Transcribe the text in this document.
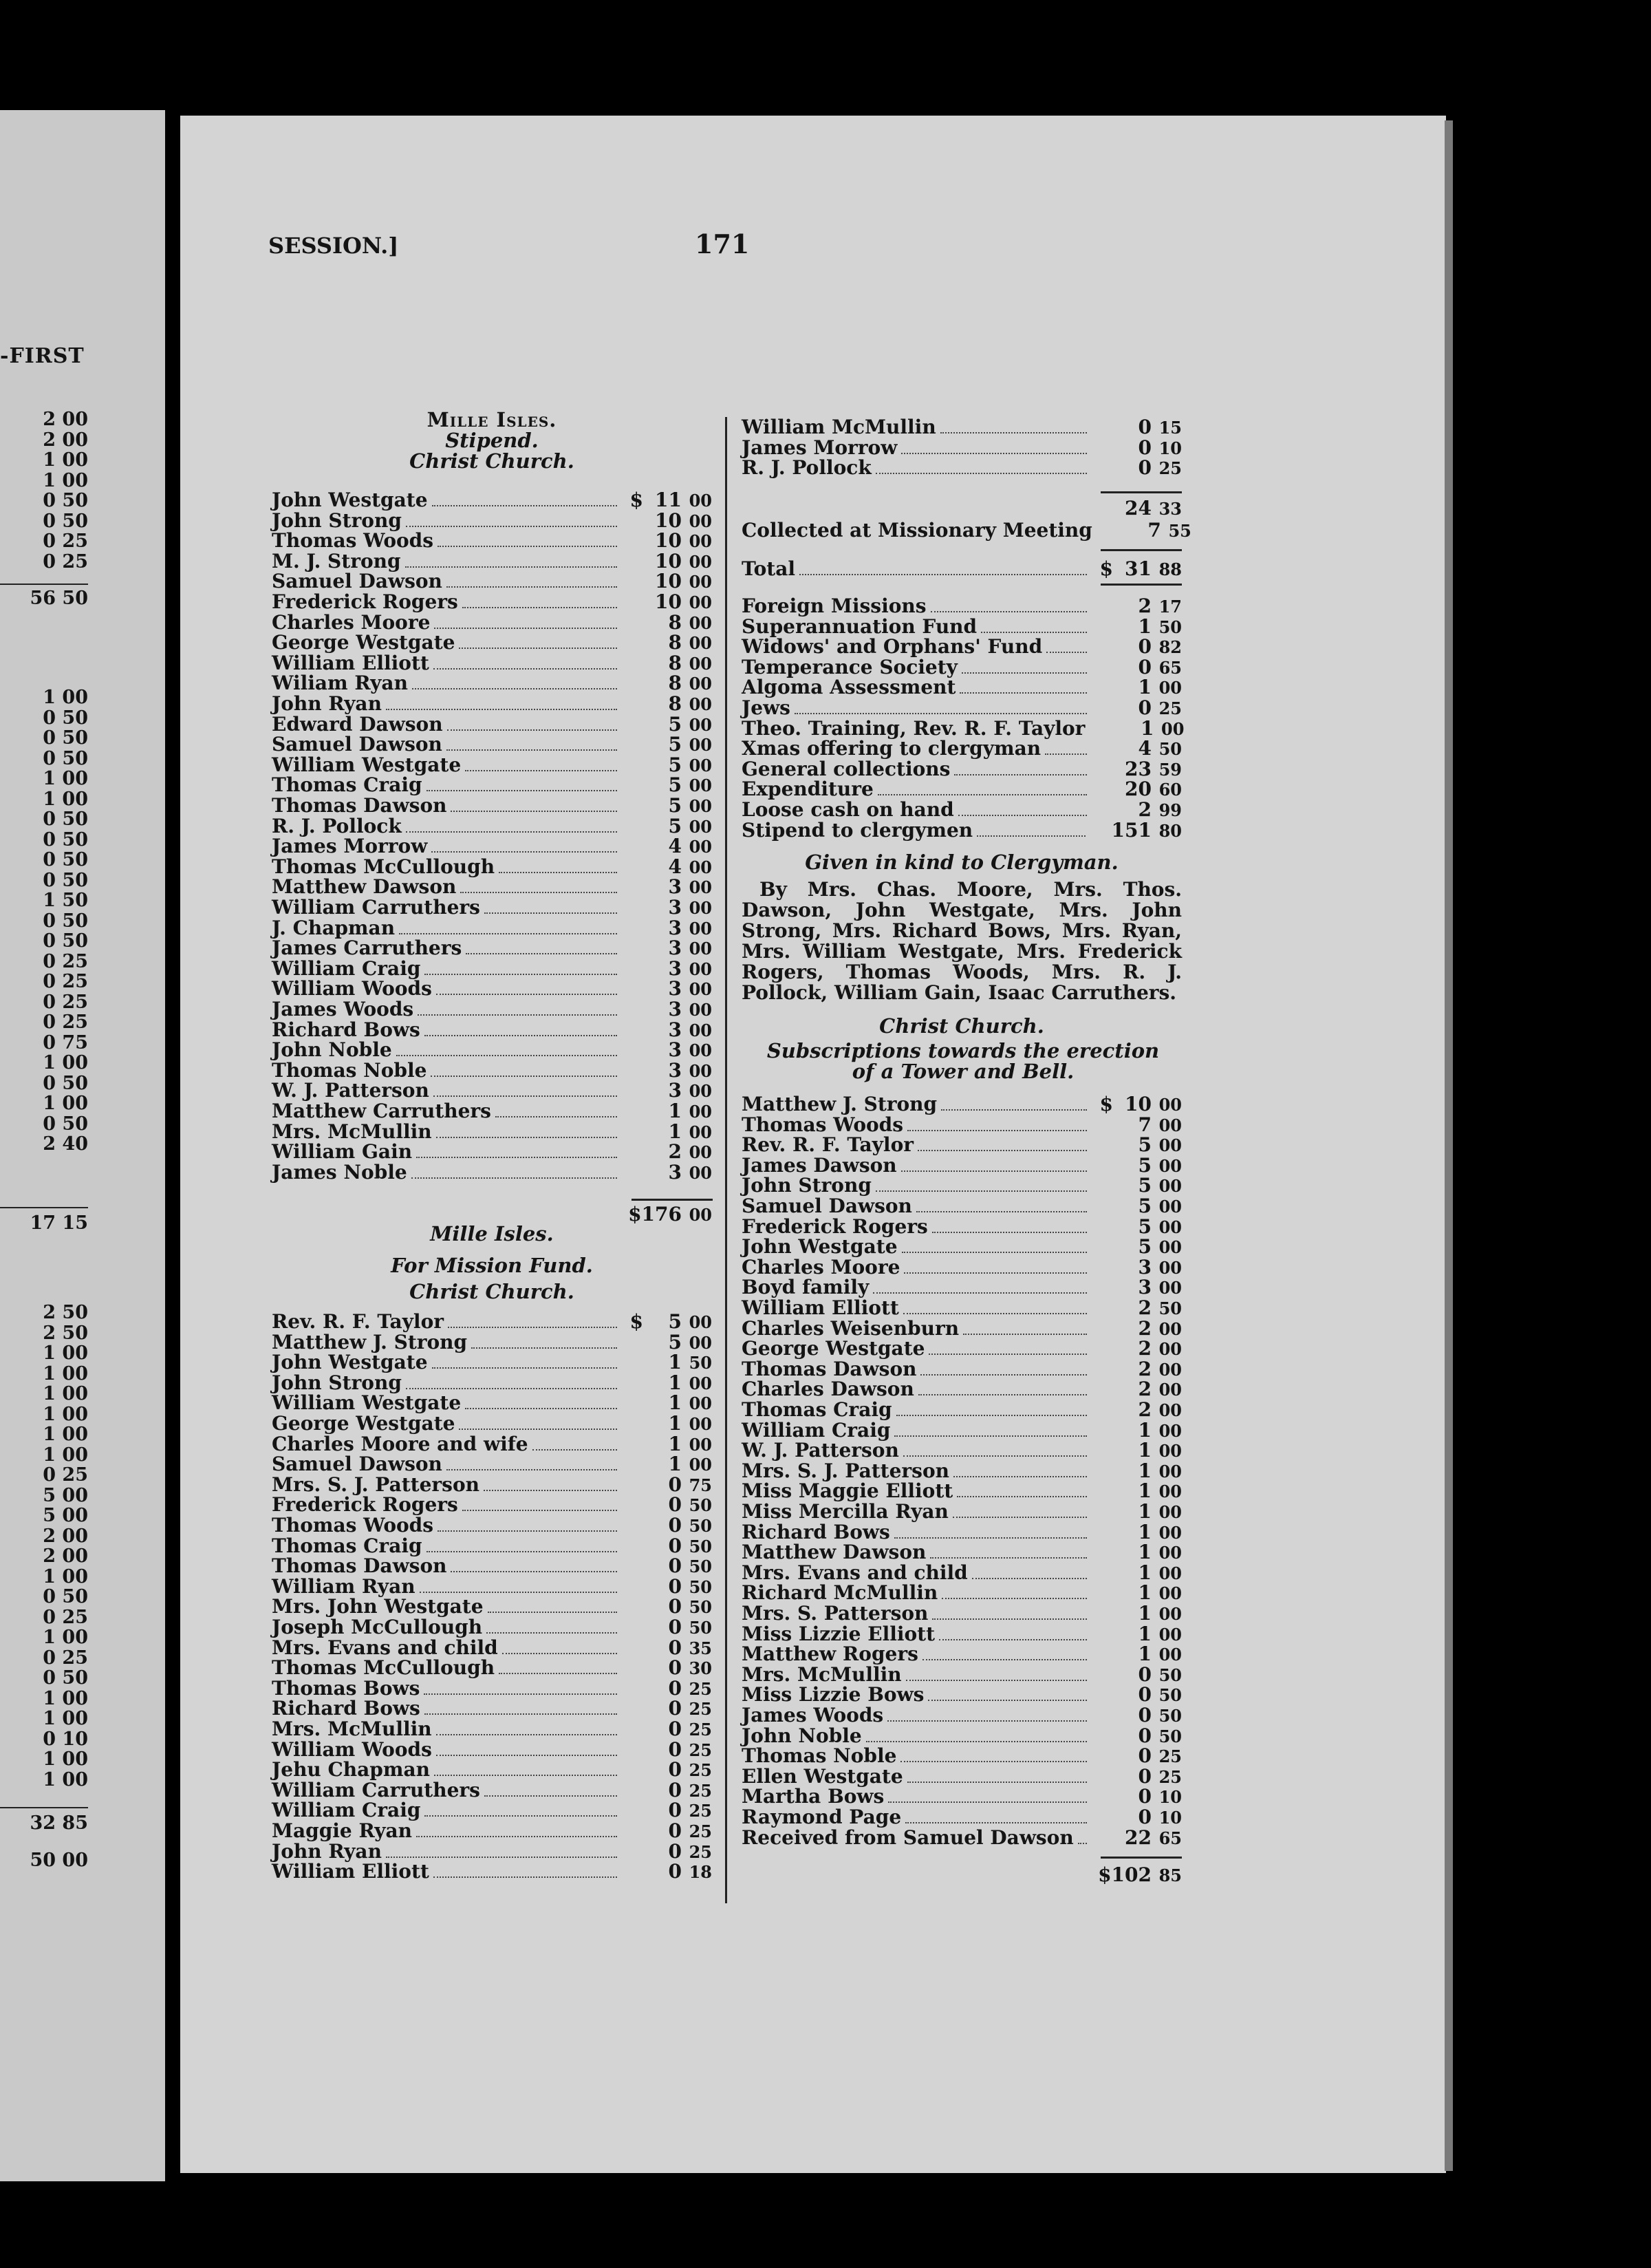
-FIRST
2 00
2 00
1 00
1 00
0 50
0 50
0 25
0 25
56 50
1 00
0 50
0 50
0 50
1 00
1 00
0 50
0 50
0 50
0 50
1 50
0 50
0 50
0 25
0 25
0 25
0 25
0 75
1 00
0 50
1 00
0 50
2 40
17 15
2 50
2 50
1 00
1 00
1 00
1 00
1 00
1 00
0 25
5 00
5 00
2 00
2 00
1 00
0 50
0 25
1 00
0 25
0 50
1 00
1 00
0 10
1 00
1 00
32 85
50 00
SESSION.]	171
Mille Isles.
Stipend.
Christ Church.
John Westgate	$ 11 00
John Strong	10 00
Thomas Woods	10 00
M. J. Strong	10 00
Samuel Dawson	10 00
Frederick Rogers	10 00
Charles Moore	8 00
George Westgate	8 00
William Elliott	8 00
Wiliam Ryan	8 00
John Ryan	8 00
Edward Dawson	5 00
Samuel Dawson	5 00
William Westgate	5 00
Thomas Craig	5 00
Thomas Dawson	5 00
R. J. Pollock	5 00
James Morrow	4 00
Thomas McCullough	4 00
Matthew Dawson	3 00
William Carruthers	3 00
J. Chapman	3 00
James Carruthers	3 00
William Craig	3 00
William Woods	3 00
James Woods	3 00
Richard Bows	3 00
John Noble	3 00
Thomas Noble	3 00
W. J. Patterson	3 00
Matthew Carruthers	1 00
Mrs. McMullin	1 00
William Gain	2 00
James Noble	3 00
$ 176 00
Mille Isles.
For Mission Fund.
Christ Church.
Rev. R. F. Taylor	$	5 00
Matthew J. Strong	5 00
John Westgate	1 50
John Strong	1 00
William Westgate	1 00
George Westgate	1 00
Charles Moore and wife	1 00
Samuel Dawson	1 00
Mrs. S. J. Patterson	0 75
Frederick Rogers	0 50
Thomas Woods	0 50
Thomas Craig	0 50
Thomas Dawson	0 50
William Ryan	0 50
Mrs. John Westgate	0 50
Joseph McCullough	0 50
Mrs. Evans and child	0 35
Thomas McCullough	0 30
Thomas Bows	0 25
Richard Bows	0 25
Mrs. McMullin	0 25
William Woods	0 25
Jehu Chapman	0 25
William Carruthers	0 25
William Craig	0 25
Maggie Ryan	0 25
John Ryan	0 25
William Elliott	0 18
William McMullin	0 15
James Morrow	0 10
R. J. Pollock	0 25
24 33
Collected at Missionary Meeting	7 55
Total	$ 31 88
Foreign Missions	2 17
Superannuation Fund	1 50
Widows' and Orphans' Fund	0 82
Temperance Society	0 65
Algoma Assessment	1 00
Jews	0 25
Theo. Training, Rev. R. F. Taylor	1 00
Xmas offering to clergyman	4 50
General collections	23 59
Expenditure	20 60
Loose cash on hand	2 99
Stipend to clergymen	151 80
Given in kind to Clergyman.
By Mrs. Chas. Moore, Mrs. Thos. Dawson, John Westgate, Mrs. John Strong, Mrs. Richard Bows, Mrs. Ryan, Mrs. William Westgate, Mrs. Frederick Rogers, Thomas Woods, Mrs. R. J. Pollock, William Gain, Isaac Carruthers.
Christ Church.
Subscriptions towards the erection of a Tower and Bell.
Matthew J. Strong	$ 10 00
Thomas Woods	7 00
Rev. R. F. Taylor	5 00
James Dawson	5 00
John Strong	5 00
Samuel Dawson	5 00
Frederick Rogers	5 00
John Westgate	5 00
Charles Moore	3 00
Boyd family	3 00
William Elliott	2 50
Charles Weisenburn	2 00
George Westgate	2 00
Thomas Dawson	2 00
Charles Dawson	2 00
Thomas Craig	2 00
William Craig	1 00
W. J. Patterson	1 00
Mrs. S. J. Patterson	1 00
Miss Maggie Elliott	1 00
Miss Mercilla Ryan	1 00
Richard Bows	1 00
Matthew Dawson	1 00
Mrs. Evans and child	1 00
Richard McMullin	1 00
Mrs. S. Patterson	1 00
Miss Lizzie Elliott	1 00
Matthew Rogers	1 00
Mrs. McMullin	0 50
Miss Lizzie Bows	0 50
James Woods	0 50
John Noble	0 50
Thomas Noble	0 25
Ellen Westgate	0 25
Martha Bows	0 10
Raymond Page	0 10
Received from Samuel Dawson	22 65
$ 102 85
